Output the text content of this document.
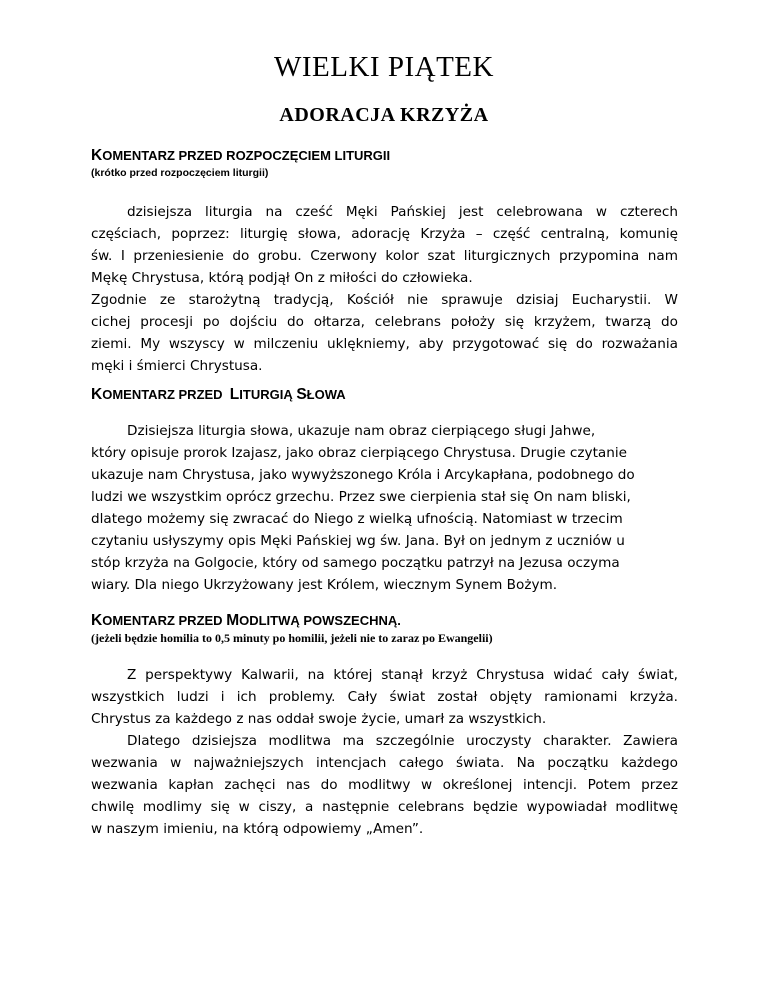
WIELKI PIĄTEK
ADORACJA KRZYŻA
KOMENTARZ PRZED ROZPOCZĘCIEM LITURGII
(krótko przed rozpoczęciem liturgii)
dzisiejsza liturgia na cześć Męki Pańskiej jest celebrowana w czterech
częściach, poprzez: liturgię słowa, adorację Krzyża – część centralną, komunię
św. I przeniesienie do grobu. Czerwony kolor szat liturgicznych przypomina nam
Mękę Chrystusa, którą podjął On z miłości do człowieka.
Zgodnie ze starożytną tradycją, Kościół nie sprawuje dzisiaj Eucharystii. W
cichej procesji po dojściu do ołtarza, celebrans położy się krzyżem, twarzą do
ziemi. My wszyscy w milczeniu uklękniemy, aby przygotować się do rozważania
męki i śmierci Chrystusa.
KOMENTARZ PRZED  LITURGIĄ SŁOWA
Dzisiejsza liturgia słowa, ukazuje nam obraz cierpiącego sługi Jahwe,
który opisuje prorok Izajasz, jako obraz cierpiącego Chrystusa. Drugie czytanie
ukazuje nam Chrystusa, jako wywyższonego Króla i Arcykapłana, podobnego do
ludzi we wszystkim oprócz grzechu. Przez swe cierpienia stał się On nam bliski,
dlatego możemy się zwracać do Niego z wielką ufnością. Natomiast w trzecim
czytaniu usłyszymy opis Męki Pańskiej wg św. Jana. Był on jednym z uczniów u
stóp krzyża na Golgocie, który od samego początku patrzył na Jezusa oczyma
wiary. Dla niego Ukrzyżowany jest Królem, wiecznym Synem Bożym.
KOMENTARZ PRZED MODLITWĄ POWSZECHNĄ.
(jeżeli będzie homilia to 0,5 minuty po homilii, jeżeli nie to zaraz po Ewangelii)
Z perspektywy Kalwarii, na której stanął krzyż Chrystusa widać cały świat,
wszystkich ludzi i ich problemy. Cały świat został objęty ramionami krzyża.
Chrystus za każdego z nas oddał swoje życie, umarł za wszystkich.
Dlatego dzisiejsza modlitwa ma szczególnie uroczysty charakter. Zawiera
wezwania w najważniejszych intencjach całego świata. Na początku każdego
wezwania kapłan zachęci nas do modlitwy w określonej intencji. Potem przez
chwilę modlimy się w ciszy, a następnie celebrans będzie wypowiadał modlitwę
w naszym imieniu, na którą odpowiemy „Amen”.
